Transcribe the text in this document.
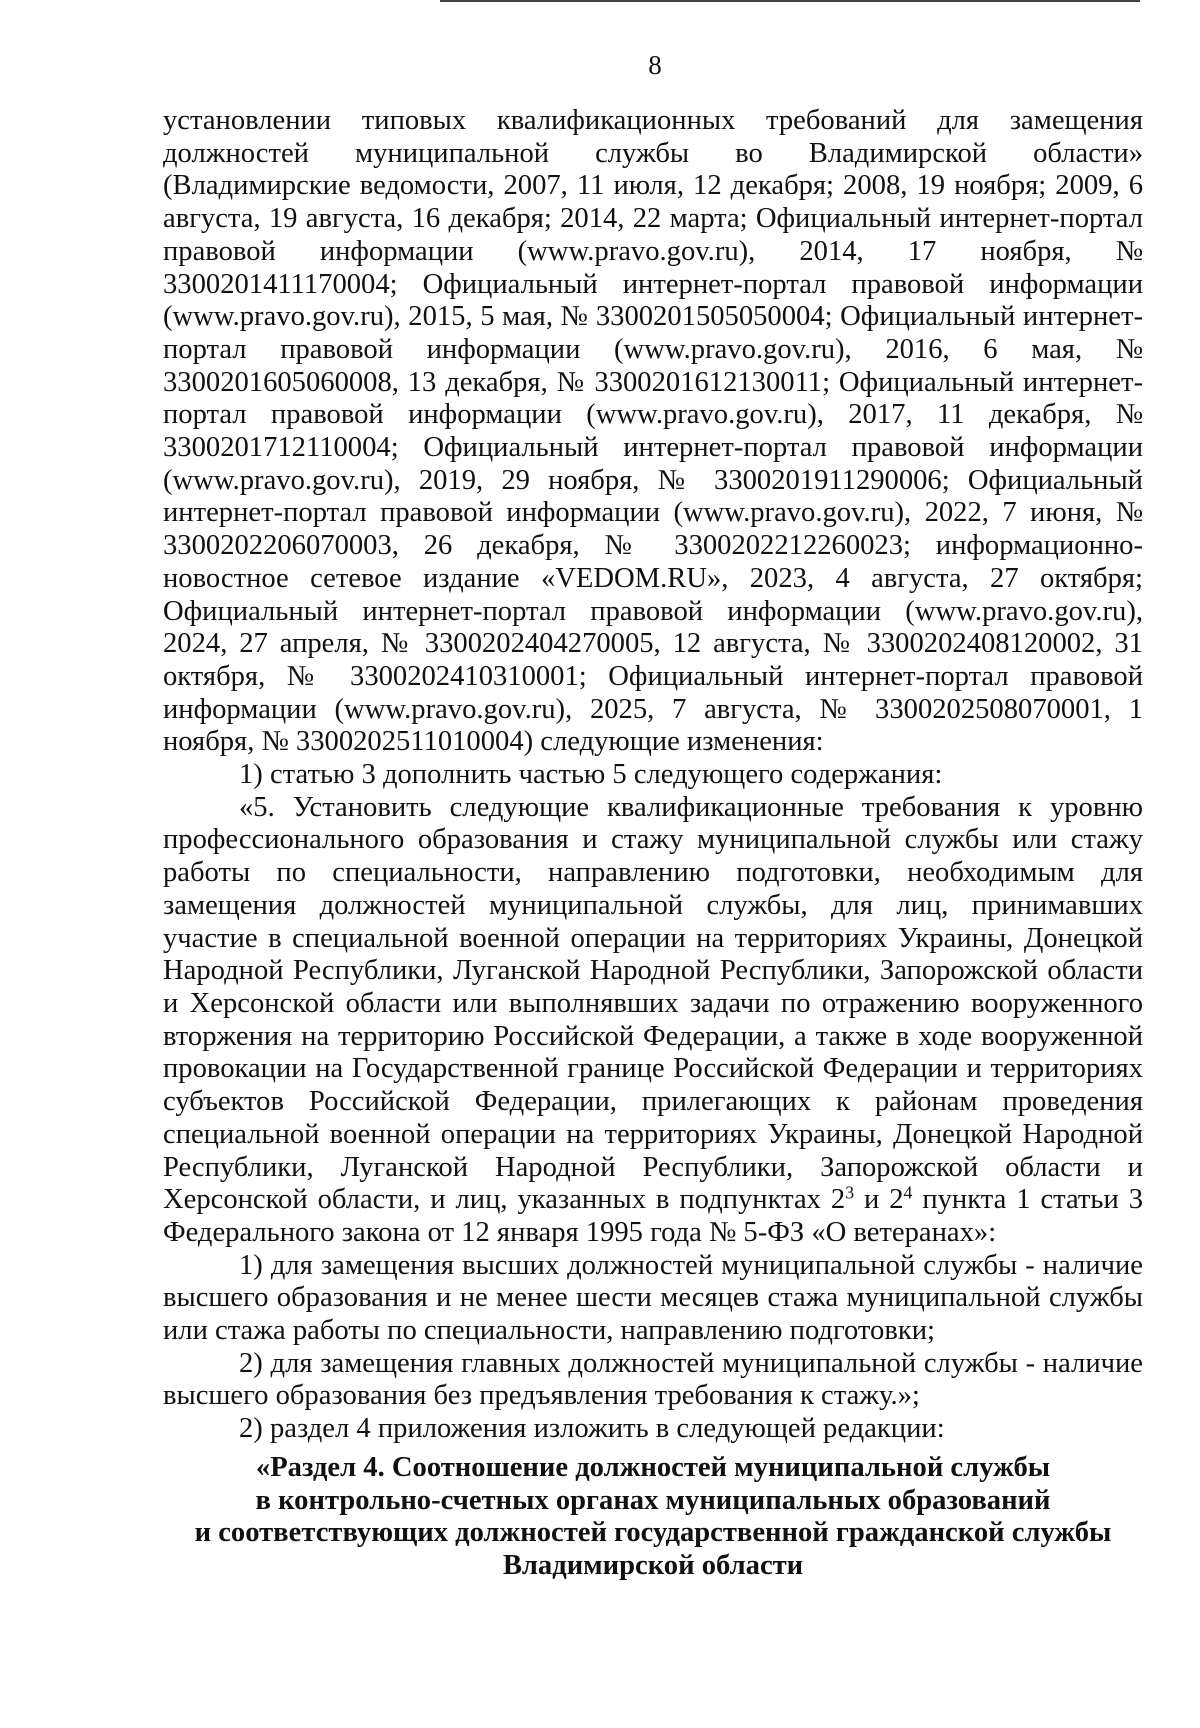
8

установлении типовых квалификационных требований для замещения должностей муниципальной службы во Владимирской области» (Владимирские ведомости, 2007, 11 июля, 12 декабря; 2008, 19 ноября; 2009, 6 августа, 19 августа, 16 декабря; 2014, 22 марта; Официальный интернет-портал правовой информации (www.pravo.gov.ru), 2014, 17 ноября, № 3300201411170004; Официальный интернет-портал правовой информации (www.pravo.gov.ru), 2015, 5 мая, № 3300201505050004; Официальный интернет-портал правовой информации (www.pravo.gov.ru), 2016, 6 мая, № 3300201605060008, 13 декабря, № 3300201612130011; Официальный интернет-портал правовой информации (www.pravo.gov.ru), 2017, 11 декабря, № 3300201712110004; Официальный интернет-портал правовой информации (www.pravo.gov.ru), 2019, 29 ноября, № 3300201911290006; Официальный интернет-портал правовой информации (www.pravo.gov.ru), 2022, 7 июня, № 3300202206070003, 26 декабря, № 3300202212260023; информационно-новостное сетевое издание «VEDOM.RU», 2023, 4 августа, 27 октября; Официальный интернет-портал правовой информации (www.pravo.gov.ru), 2024, 27 апреля, № 3300202404270005, 12 августа, № 3300202408120002, 31 октября, № 3300202410310001; Официальный интернет-портал правовой информации (www.pravo.gov.ru), 2025, 7 августа, № 3300202508070001, 1 ноября, № 3300202511010004) следующие изменения:

1) статью 3 дополнить частью 5 следующего содержания:

«5. Установить следующие квалификационные требования к уровню профессионального образования и стажу муниципальной службы или стажу работы по специальности, направлению подготовки, необходимым для замещения должностей муниципальной службы, для лиц, принимавших участие в специальной военной операции на территориях Украины, Донецкой Народной Республики, Луганской Народной Республики, Запорожской области и Херсонской области или выполнявших задачи по отражению вооруженного вторжения на территорию Российской Федерации, а также в ходе вооруженной провокации на Государственной границе Российской Федерации и территориях субъектов Российской Федерации, прилегающих к районам проведения специальной военной операции на территориях Украины, Донецкой Народной Республики, Луганской Народной Республики, Запорожской области и Херсонской области, и лиц, указанных в подпунктах $2^3$ и $2^4$ пункта 1 статьи 3 Федерального закона от 12 января 1995 года № 5-ФЗ «О ветеранах»:

1) для замещения высших должностей муниципальной службы - наличие высшего образования и не менее шести месяцев стажа муниципальной службы или стажа работы по специальности, направлению подготовки;

2) для замещения главных должностей муниципальной службы - наличие высшего образования без предъявления требования к стажу.»;

2) раздел 4 приложения изложить в следующей редакции:

«Раздел 4. Соотношение должностей муниципальной службы
в контрольно-счетных органах муниципальных образований
и соответствующих должностей государственной гражданской службы
Владимирской области
